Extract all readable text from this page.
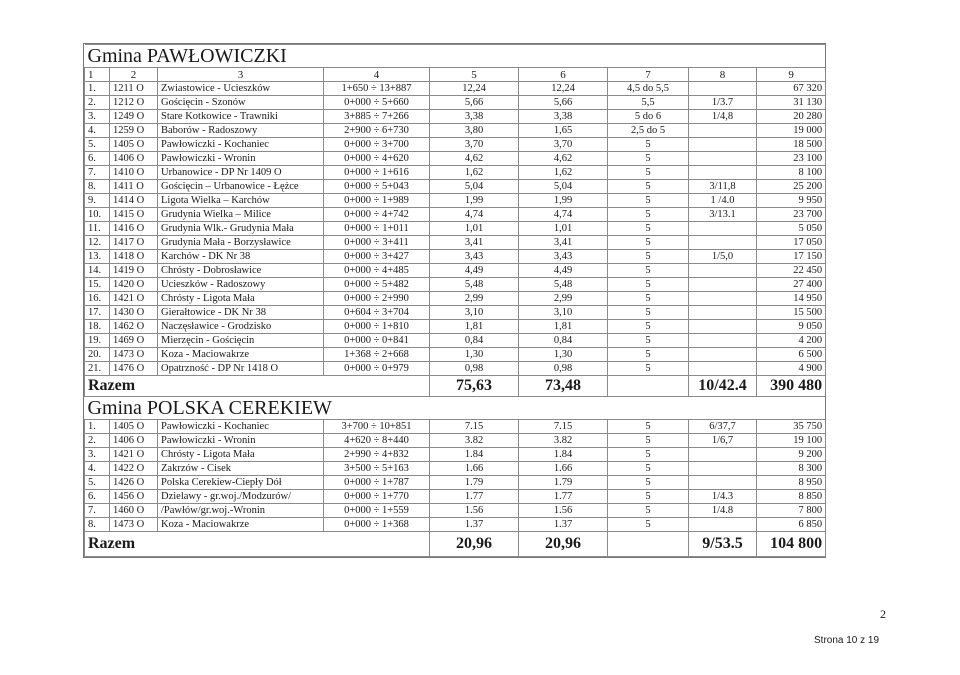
Gmina PAWŁOWICZKI								
1	2	3	4	5	6	7	8	9
1.	1211 O	Zwiastowice - Ucieszków	1+650 ÷ 13+887	12,24	12,24	4,5 do 5,5		67 320
2.	1212 O	Gościęcin - Szonów	0+000 ÷ 5+660	5,66	5,66	5,5	1/3.7	31 130
3.	1249 O	Stare Kotkowice - Trawniki	3+885 ÷ 7+266	3,38	3,38	5 do 6	1/4,8	20 280
4.	1259 O	Baborów - Radoszowy	2+900 ÷ 6+730	3,80	1,65	2,5 do 5		19 000
5.	1405 O	Pawłowiczki - Kochaniec	0+000 ÷ 3+700	3,70	3,70	5		18 500
6.	1406 O	Pawłowiczki - Wronin	0+000 ÷ 4+620	4,62	4,62	5		23 100
7.	1410 O	Urbanowice - DP Nr 1409 O	0+000 ÷ 1+616	1,62	1,62	5		8 100
8.	1411 O	Gościęcin – Urbanowice - Łężce	0+000 ÷ 5+043	5,04	5,04	5	3/11,8	25 200
9.	1414 O	Ligota Wielka – Karchów	0+000 ÷ 1+989	1,99	1,99	5	1 /4.0	9 950
10.	1415 O	Grudynia Wielka – Milice	0+000 ÷ 4+742	4,74	4,74	5	3/13.1	23 700
11.	1416 O	Grudynia Wlk.- Grudynia Mała	0+000 ÷ 1+011	1,01	1,01	5		5 050
12.	1417 O	Grudynia Mała - Borzysławice	0+000 ÷ 3+411	3,41	3,41	5		17 050
13.	1418 O	Karchów - DK Nr 38	0+000 ÷ 3+427	3,43	3,43	5	1/5,0	17 150
14.	1419 O	Chrósty - Dobrosławice	0+000 ÷ 4+485	4,49	4,49	5		22 450
15.	1420 O	Ucieszków - Radoszowy	0+000 ÷ 5+482	5,48	5,48	5		27 400
16.	1421 O	Chrósty - Ligota Mała	0+000 ÷ 2+990	2,99	2,99	5		14 950
17.	1430 O	Gierałtowice - DK Nr 38	0+604 ÷ 3+704	3,10	3,10	5		15 500
18.	1462 O	Naczęsławice - Grodzisko	0+000 ÷ 1+810	1,81	1,81	5		9 050
19.	1469 O	Mierzęcin - Gościęcin	0+000 ÷ 0+841	0,84	0,84	5		4 200
20.	1473 O	Koza - Maciowakrze	1+368 ÷ 2+668	1,30	1,30	5		6 500
21.	1476 O	Opatrzność - DP Nr 1418 O	0+000 ÷ 0+979	0,98	0,98	5		4 900
Razem				75,63	73,48		10/42.4	390 480
Gmina POLSKA CEREKIEW								
1.	1405 O	Pawłowiczki - Kochaniec	3+700 ÷ 10+851	7.15	7.15	5	6/37,7	35 750
2.	1406 O	Pawłowiczki - Wronin	4+620 ÷ 8+440	3.82	3.82	5	1/6,7	19 100
3.	1421 O	Chrósty - Ligota Mała	2+990 ÷ 4+832	1.84	1.84	5		9 200
4.	1422 O	Zakrzów - Cisek	3+500 ÷ 5+163	1.66	1.66	5		8 300
5.	1426 O	Polska Cerekiew-Ciepły Dół	0+000 ÷ 1+787	1.79	1.79	5		8 950
6.	1456 O	Dzielawy - gr.woj./Modzurów/	0+000 ÷ 1+770	1.77	1.77	5	1/4.3	8 850
7.	1460 O	/Pawłów/gr.woj.-Wronin	0+000 ÷ 1+559	1.56	1.56	5	1/4.8	7 800
8.	1473 O	Koza - Maciowakrze	0+000 ÷ 1+368	1.37	1.37	5		6 850
Razem				20,96	20,96		9/53.5	104 800
2
Strona 10 z 19
